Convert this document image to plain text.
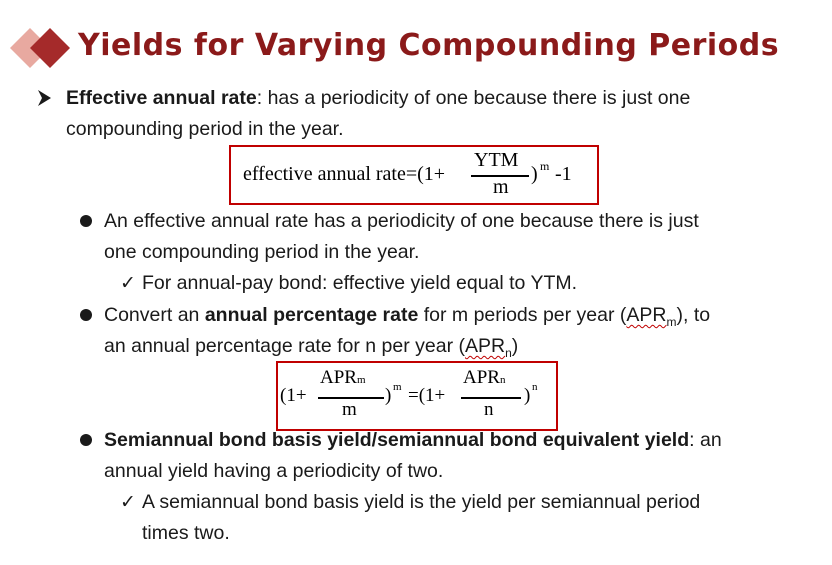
Yields for Varying Compounding Periods
Effective annual rate: has a periodicity of one because there is just one
compounding period in the year.
effective annual rate=(1+
YTM
m
) m -1
An effective annual rate has a periodicity of one because there is just
one compounding period in the year.
✓ For annual-pay bond: effective yield equal to YTM.
Convert an annual percentage rate for m periods per year $(APR_m)$, to
an annual percentage rate for n per year $(APR_n)$
(1+
APRm
m
) m =(1+
APRn
n
) n
Semiannual bond basis yield/semiannual bond equivalent yield: an
annual yield having a periodicity of two.
✓ A semiannual bond basis yield is the yield per semiannual period
times two.
